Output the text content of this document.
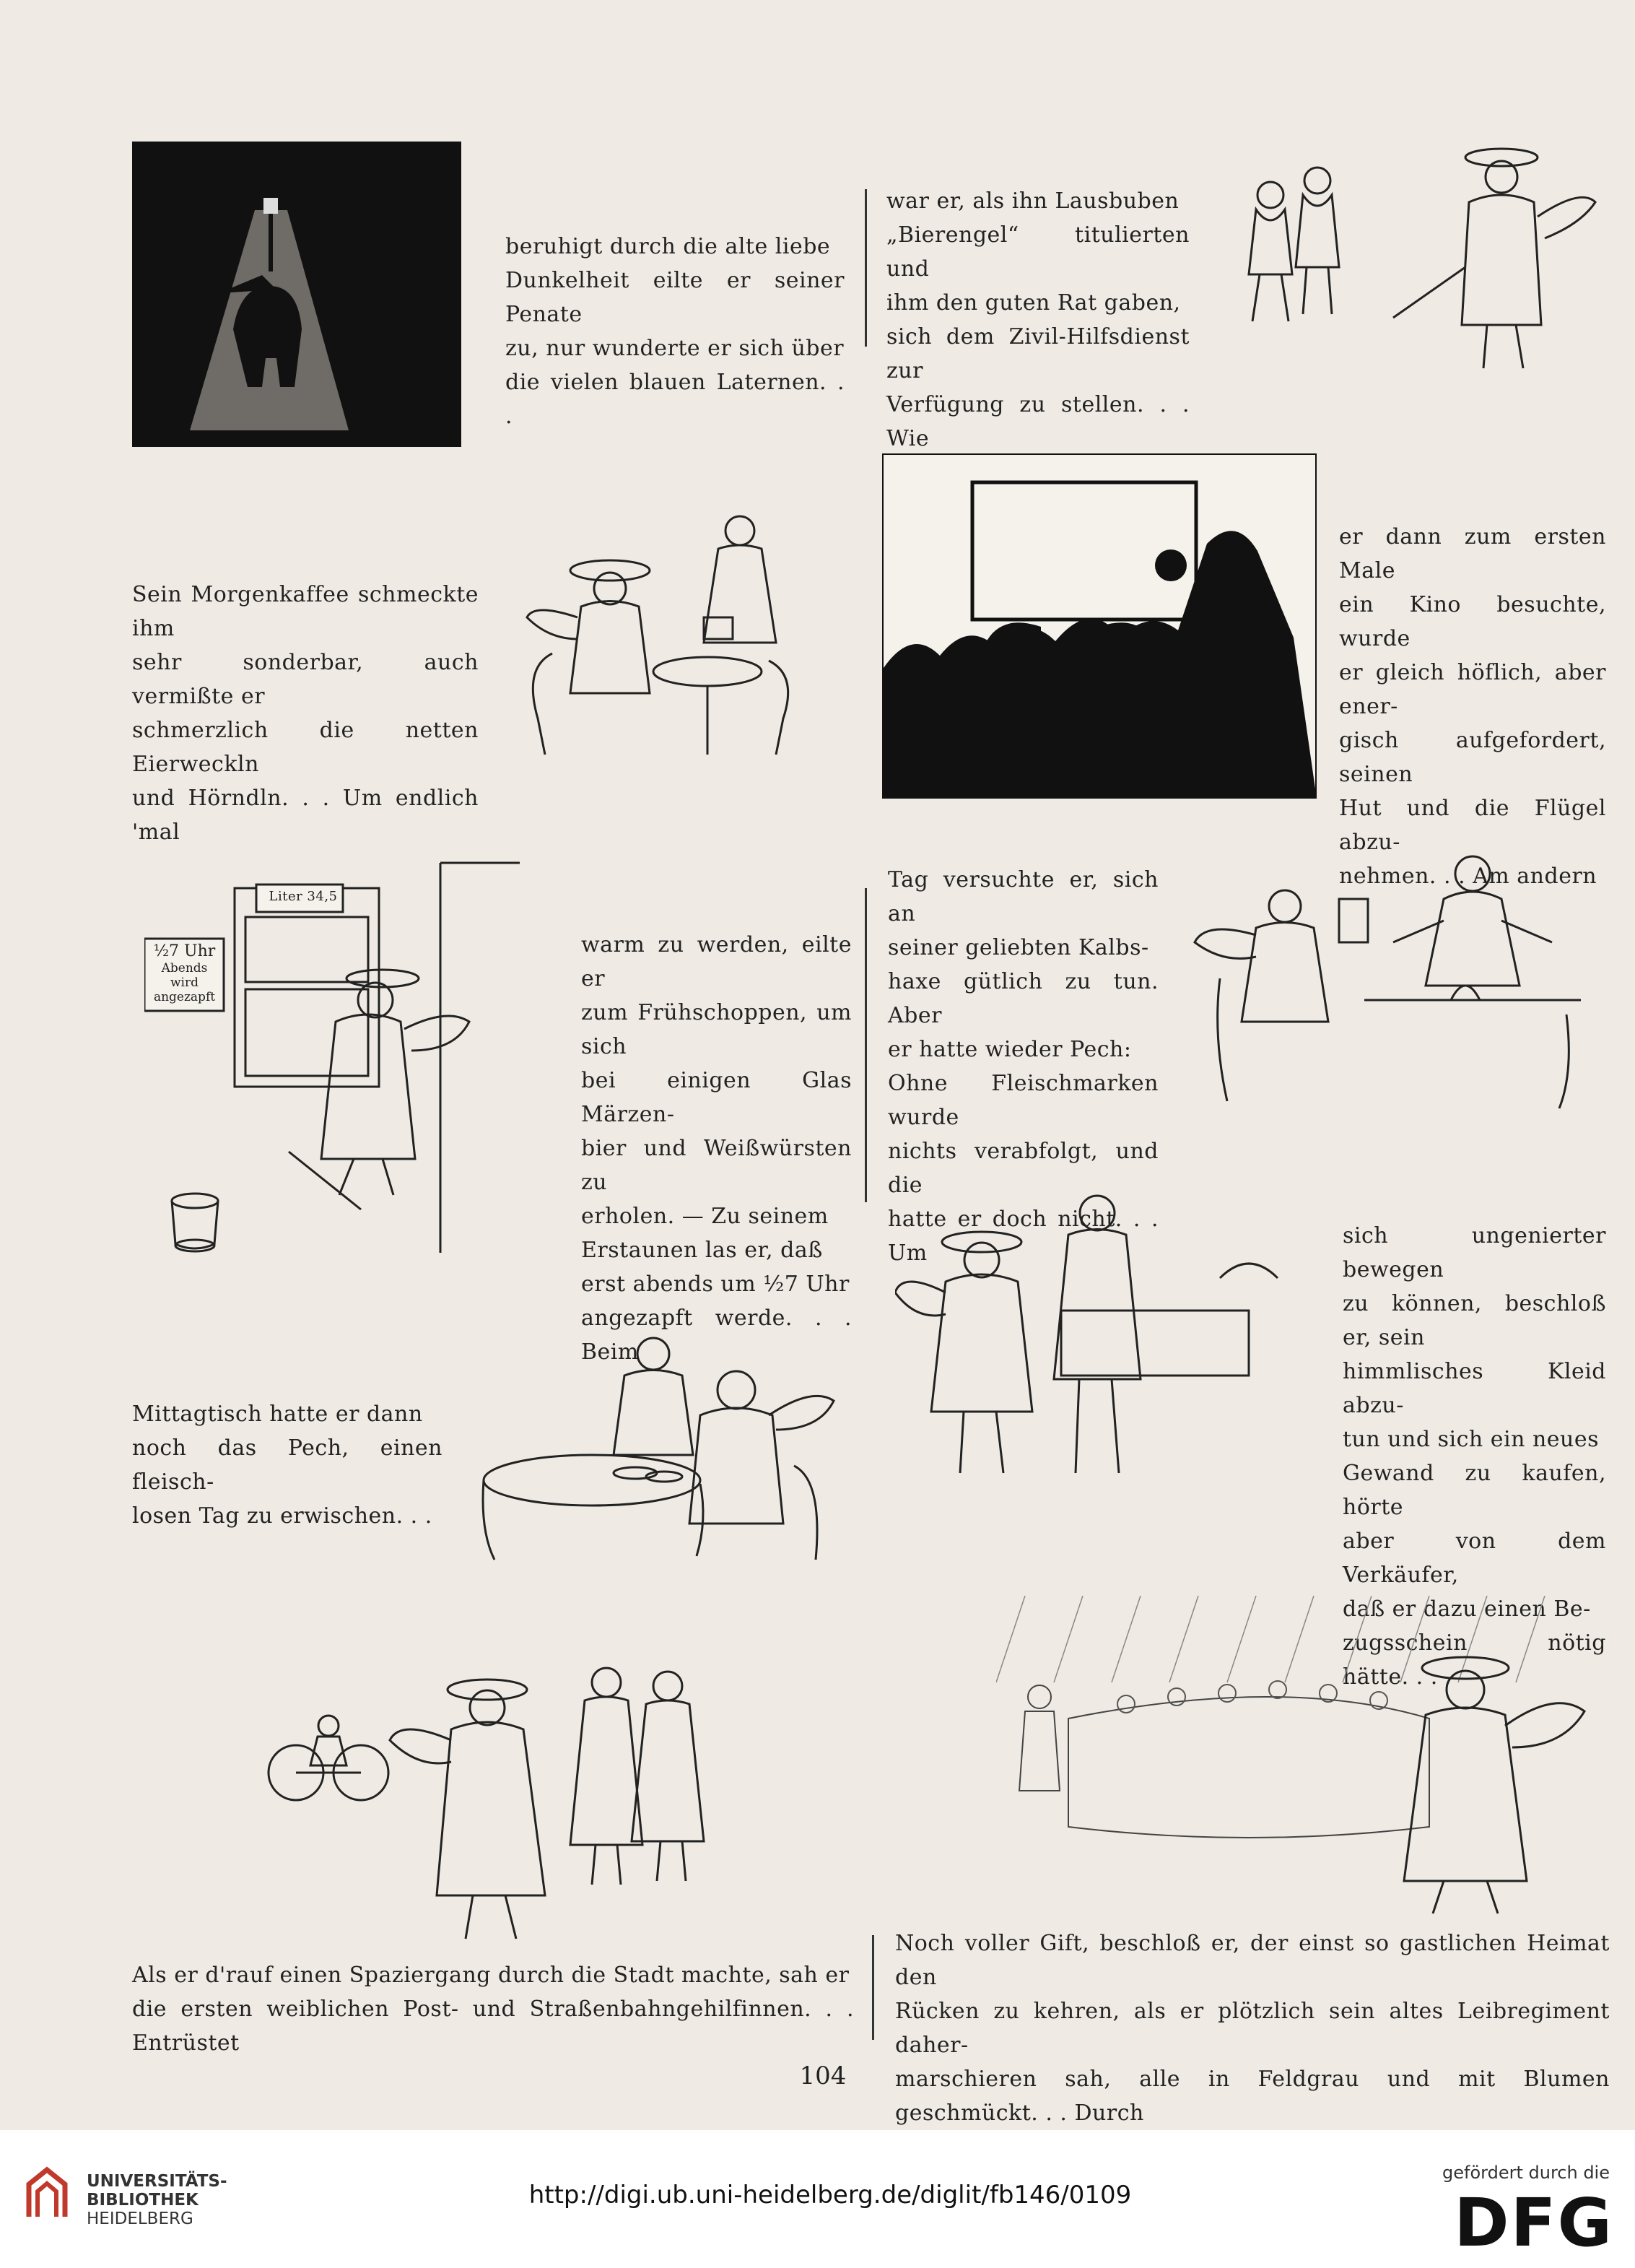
beruhigt durch die alte liebe
Dunkelheit eilte er seiner Penate
zu, nur wunderte er sich über
die vielen blauen Laternen. . .
war er, als ihn Lausbuben
„Bierengel“ titulierten und
ihm den guten Rat gaben,
sich dem Zivil-Hilfsdienst zur
Verfügung zu stellen. . . Wie
Sein Morgenkaffee schmeckte ihm
sehr sonderbar, auch vermißte er
schmerzlich die netten Eierweckln
und Hörndln. . . Um endlich 'mal
er dann zum ersten Male
ein Kino besuchte, wurde
er gleich höflich, aber ener-
gisch aufgefordert, seinen
Hut und die Flügel abzu-
nehmen. . . Am andern
Liter 34,5
½7 Uhr
Abends
wird
angezapft
warm zu werden, eilte er
zum Frühschoppen, um sich
bei einigen Glas Märzen-
bier und Weißwürsten zu
erholen. — Zu seinem
Erstaunen las er, daß
erst abends um ½7 Uhr
angezapft werde. . . Beim
Tag versuchte er, sich an
seiner geliebten Kalbs-
haxe gütlich zu tun. Aber
er hatte wieder Pech:
Ohne Fleischmarken wurde
nichts verabfolgt, und die
hatte er doch nicht. . . Um
sich ungenierter bewegen
zu können, beschloß er, sein
himmlisches Kleid abzu-
tun und sich ein neues
Gewand zu kaufen, hörte
aber von dem Verkäufer,
daß er dazu einen Be-
zugsschein nötig hätte. . .
Mittagtisch hatte er dann
noch das Pech, einen fleisch-
losen Tag zu erwischen. . .
Als er d'rauf einen Spaziergang durch die Stadt machte, sah er
die ersten weiblichen Post- und Straßenbahngehilfinnen. . . Entrüstet
Noch voller Gift, beschloß er, der einst so gastlichen Heimat den
Rücken zu kehren, als er plötzlich sein altes Leibregiment daher-
marschieren sah, alle in Feldgrau und mit Blumen geschmückt. . . Durch
104
UNIVERSITÄTS-
BIBLIOTHEK
HEIDELBERG
http://digi.ub.uni-heidelberg.de/diglit/fb146/0109
gefördert durch die
DFG
